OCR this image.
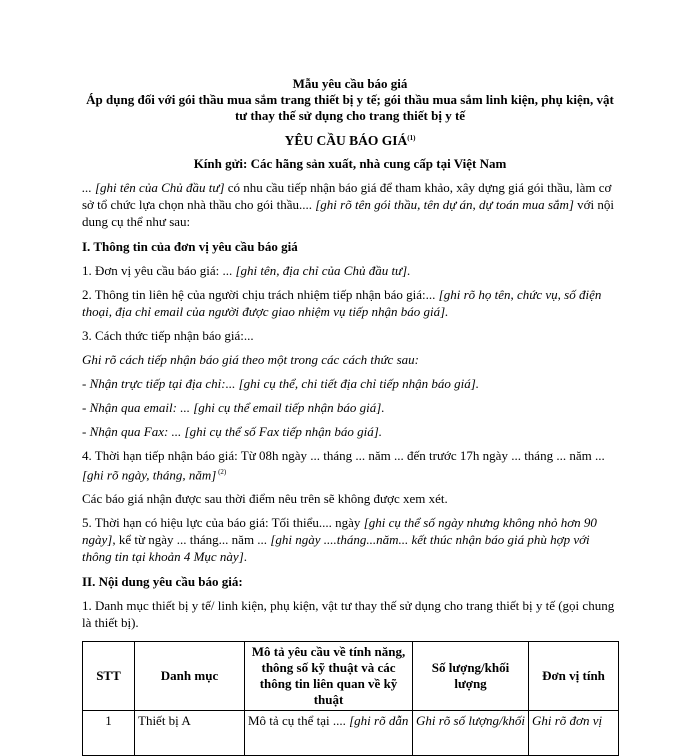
Mẫu yêu cầu báo giá
Áp dụng đối với gói thầu mua sắm trang thiết bị y tế; gói thầu mua sắm linh kiện, phụ kiện, vật tư thay thế sử dụng cho trang thiết bị y tế
YÊU CẦU BÁO GIÁ$^{(1)}$
Kính gửi: Các hãng sản xuất, nhà cung cấp tại Việt Nam

... [ghi tên của Chủ đầu tư] có nhu cầu tiếp nhận báo giá để tham khảo, xây dựng giá gói thầu, làm cơ sở tổ chức lựa chọn nhà thầu cho gói thầu.... [ghi rõ tên gói thầu, tên dự án, dự toán mua sắm] với nội dung cụ thể như sau:

I. Thông tin của đơn vị yêu cầu báo giá

1. Đơn vị yêu cầu báo giá: ... [ghi tên, địa chỉ của Chủ đầu tư].

2. Thông tin liên hệ của người chịu trách nhiệm tiếp nhận báo giá:... [ghi rõ họ tên, chức vụ, số điện thoại, địa chỉ email của người được giao nhiệm vụ tiếp nhận báo giá].

3. Cách thức tiếp nhận báo giá:...

Ghi rõ cách tiếp nhận báo giá theo một trong các cách thức sau:

- Nhận trực tiếp tại địa chỉ:... [ghi cụ thể, chi tiết địa chỉ tiếp nhận báo giá].

- Nhận qua email: ... [ghi cụ thể email tiếp nhận báo giá].

- Nhận qua Fax: ... [ghi cụ thể số Fax tiếp nhận báo giá].

4. Thời hạn tiếp nhận báo giá: Từ 08h ngày ... tháng ... năm ... đến trước 17h ngày ... tháng ... năm ... [ghi rõ ngày, tháng, năm] $^{(2)}$

Các báo giá nhận được sau thời điểm nêu trên sẽ không được xem xét.

5. Thời hạn có hiệu lực của báo giá: Tối thiểu.... ngày [ghi cụ thể số ngày nhưng không nhỏ hơn 90 ngày], kể từ ngày ... tháng... năm ... [ghi ngày ....tháng...năm... kết thúc nhận báo giá phù hợp với thông tin tại khoản 4 Mục này].

II. Nội dung yêu cầu báo giá:

1. Danh mục thiết bị y tế/ linh kiện, phụ kiện, vật tư thay thế sử dụng cho trang thiết bị y tế (gọi chung là thiết bị).

STT	Danh mục	Mô tả yêu cầu về tính năng, thông số kỹ thuật và các thông tin liên quan về kỹ thuật	Số lượng/khối lượng	Đơn vị tính
1	Thiết bị A	Mô tả cụ thể tại .... [ghi rõ dẫn	Ghi rõ số lượng/khối	Ghi rõ đơn vị
